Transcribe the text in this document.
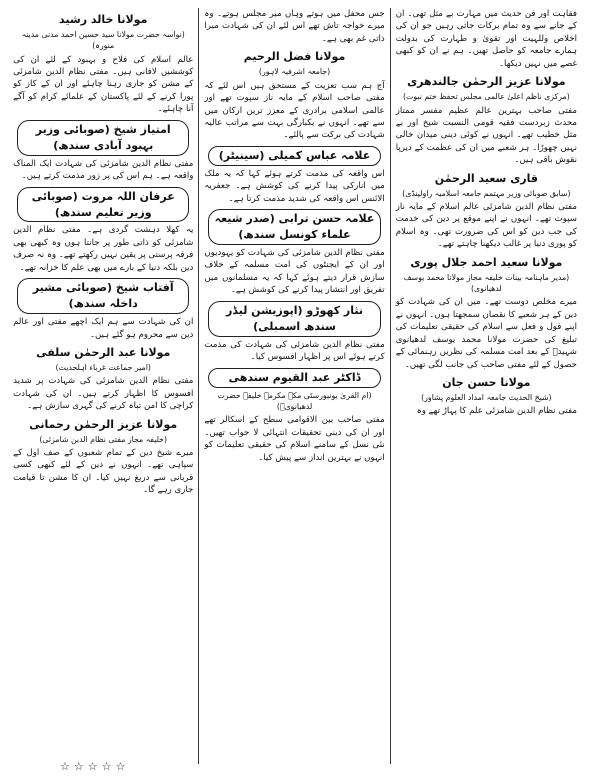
فقاہت اور فن حدیث میں مہارت بے مثل تھی۔ ان کے جانے سے وہ تمام برکات جاتی رہیں جو ان کی اخلاص وللہیت اور تقویٰ و طہارت کی بدولت ہمارے جامعہ کو حاصل تھیں۔ ہم نے ان کو کبھی غصے میں نہیں دیکھا۔
مولانا عزیز الرحمٰن جالندھری
(مرکزی ناظم اعلیٰ عالمی مجلس تحفظ ختم نبوت)
مفتی صاحب بہترین عالم عظیم مفسر ممتاز محدث زبردست فقیہ قومی النسبت شیخ اور بے مثل خطیب تھے۔ انہوں نے کوئی دینی میدان خالی نہیں چھوڑا۔ ہر شعبے میں ان کی عظمت کے دیرپا نقوش باقی ہیں۔
قاری سعید الرحمٰن
(سابق صوبائی وزیر مہتمم جامعہ اسلامیہ راولپنڈی)
مفتی نظام الدین شامزئی عالم اسلام کے مایہ ناز سپوت تھے۔ انہوں نے اپنے موقع پر دین کی خدمت کی جب دین کو اس کی ضرورت تھی۔ وہ اسلام کو پوری دنیا پر غالب دیکھنا چاہتے تھے۔
مولانا سعید احمد جلال پوری
(مدیر ماہنامہ بینات خلیفہ مجاز مولانا محمد یوسف لدھیانوی)
میرے مخلص دوست تھے۔ میں ان کی شہادت کو دین کے ہر شعبے کا نقصان سمجھتا ہوں۔ انہوں نے اپنے قول و فعل سے اسلام کی حقیقی تعلیمات کی تبلیغ کی حضرت مولانا محمد یوسف لدھیانوی شہیدؒ کے بعد امت مسلمہ کی نظریں رہنمائی کے حصول کے لئے مفتی صاحب کی جانب لگی تھیں۔
مولانا حسن جان
(شیخ الحدیث جامعہ امداد العلوم پشاور)
مفتی نظام الدین شامزئی علم کا پہاڑ تھے وہ
جس محفل میں ہوتے وہاں میر مجلس ہوتے۔ وہ میرے خواجہ تاش تھے اس لئے ان کی شہادت میرا ذاتی غم بھی ہے۔
مولانا فضل الرحیم
(جامعہ اشرفیہ لاہور)
آج ہم سب تعزیت کے مستحق ہیں اس لئے کہ مفتی صاحب اسلام کے مایہ ناز سپوت تھے اور عالمی اسلامی برادری کے معزز ترین ارکان میں سے تھے۔ انہوں نے یکبارگی بہت سے مراتب عالیہ شہادت کی برکت سے پالئے۔
علامہ عباس کمیلی (سینیٹر)
اس واقعہ کی مذمت کرتے ہوئے کہا کہ یہ ملک میں انارکی پیدا کرنے کی کوشش ہے۔ جعفریہ الائنس اس واقعہ کی شدید مذمت کرتا ہے۔
علامہ حسن ترابی (صدر شیعہ علماء کونسل سندھ)
مفتی نظام الدین شامزئی کی شہادت کو یہودیوں اور ان کے ایجنٹوں کی امت مسلمہ کے خلاف سازش قرار دیتے ہوئے کہا کہ یہ مسلمانوں میں تفریق اور انتشار پیدا کرنے کی کوشش ہے۔
نثار کھوڑو (اپوزیشن لیڈر سندھ اسمبلی)
مفتی نظام الدین شامزئی کی شہادت کی مذمت کرتے ہوئے اس پر اظہار افسوس کیا۔
ڈاکٹر عبد القیوم سندھی
(ام القریٰ یونیورسٹی مکہ مکرمہ خلیفہ حضرت لدھیانویؒ)
مفتی صاحب بین الاقوامی سطح کے اسکالر تھے اور ان کی دینی تحقیقات انتہائی لا جواب تھیں۔ نئی نسل کے سامنے اسلام کی حقیقی تعلیمات کو انہوں نے بہترین انداز سے پیش کیا۔
مولانا خالد رشید
(نواسہ حضرت مولانا سید حسین احمد مدنی مدینہ منورہ)
عالم اسلام کی فلاح و بہبود کے لئے ان کی کوششیں لافانی ہیں۔ مفتی نظام الدین شامزئی کے مشن کو جاری رہنا چاہئے اور ان کے کاز کو پورا کرنے کے لئے پاکستان کے علمائے کرام کو آگے آنا چاہئے۔
امتیاز شیخ (صوبائی وزیر بہبود آبادی سندھ)
مفتی نظام الدین شامزئی کی شہادت ایک المناک واقعہ ہے۔ ہم اس کی پر زور مذمت کرتے ہیں۔
عرفان اللہ مروت (صوبائی وزیر تعلیم سندھ)
یہ کھلا دہشت گردی ہے۔ مفتی نظام الدین شامزئی کو ذاتی طور پر جانتا ہوں وہ کبھی بھی فرقہ پرستی پر یقین نہیں رکھتے تھے۔ وہ نہ صرف دین بلکہ دنیا کے بارے میں بھی علم کا خزانہ تھے۔
آفتاب شیخ (صوبائی مشیر داخلہ سندھ)
ان کی شہادت سے ہم ایک اچھے مفتی اور عالم دین سے محروم ہو گئے ہیں۔
مولانا عبد الرحمٰن سلفی
(امیر جماعت غرباء اہلحدیث)
مفتی نظام الدین شامزئی کی شہادت پر شدید افسوس کا اظہار کرتے ہیں۔ ان کی شہادت کراچی کا امن تباہ کرنے کی گہری سازش ہے۔
مولانا عزیز الرحمٰن رحمانی
(خلیفہ مجاز مفتی نظام الدین شامزئی)
میرے شیخ دین کے تمام شعبوں کے صف اول کے سپاہی تھے۔ انہوں نے دین کے لئے کبھی کسی قربانی سے دریغ نہیں کیا۔ ان کا مشن تا قیامت جاری رہے گا۔
☆☆☆☆☆
